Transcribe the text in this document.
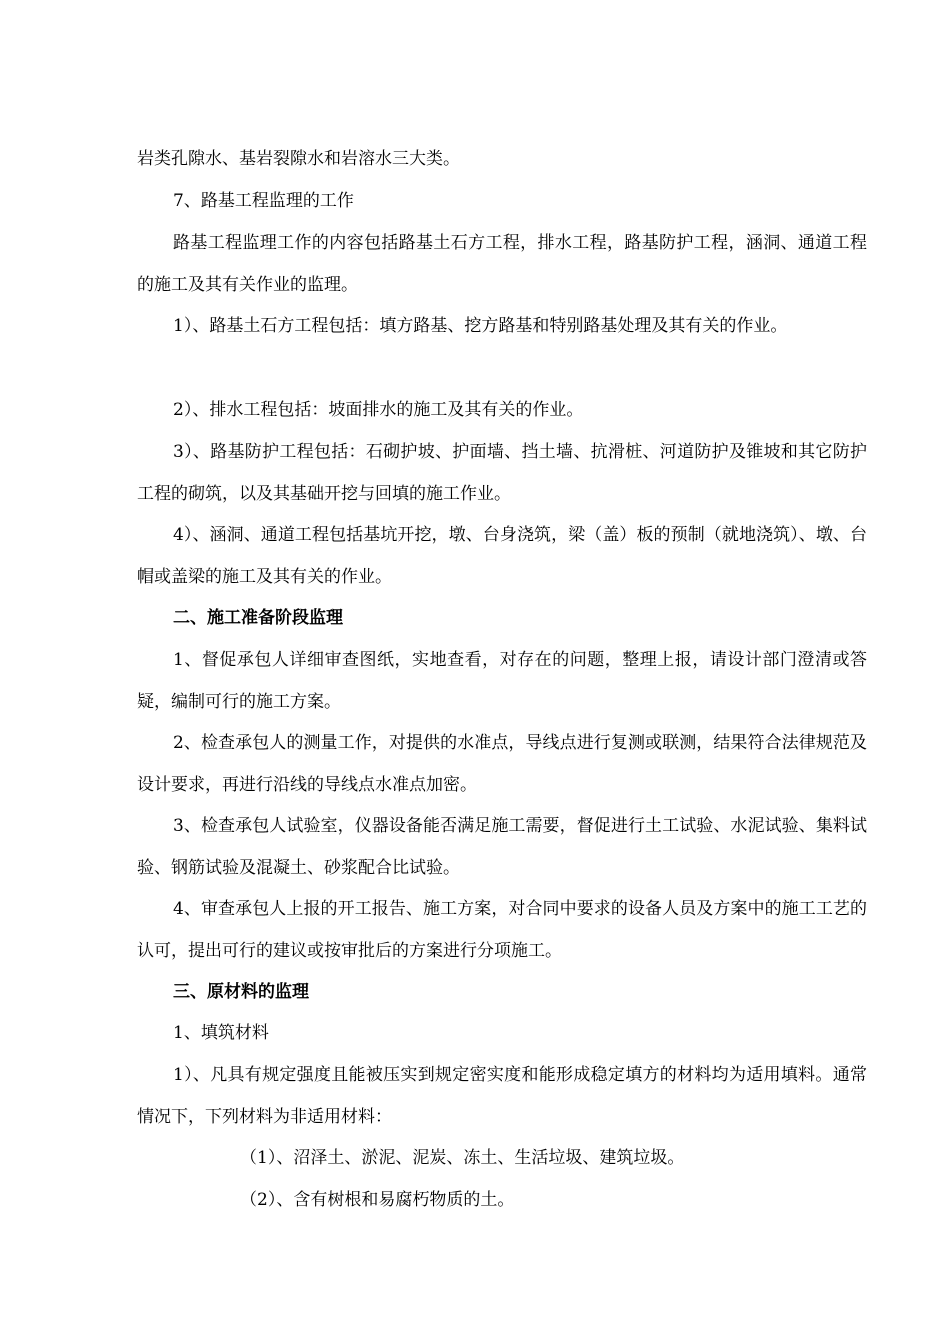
岩类孔隙水、基岩裂隙水和岩溶水三大类。
7、路基工程监理的工作
路基工程监理工作的内容包括路基土石方工程，排水工程，路基防护工程，涵洞、通道工程的施工及其有关作业的监理。
1）、路基土石方工程包括：填方路基、挖方路基和特别路基处理及其有关的作业。
2）、排水工程包括：坡面排水的施工及其有关的作业。
3）、路基防护工程包括：石砌护坡、护面墙、挡土墙、抗滑桩、河道防护及锥坡和其它防护工程的砌筑，以及其基础开挖与回填的施工作业。
4）、涵洞、通道工程包括基坑开挖，墩、台身浇筑，梁（盖）板的预制（就地浇筑）、墩、台帽或盖梁的施工及其有关的作业。
二、施工准备阶段监理
1、督促承包人详细审查图纸，实地查看，对存在的问题，整理上报，请设计部门澄清或答疑，编制可行的施工方案。
2、检查承包人的测量工作，对提供的水准点，导线点进行复测或联测，结果符合法律规范及设计要求，再进行沿线的导线点水准点加密。
3、检查承包人试验室，仪器设备能否满足施工需要，督促进行土工试验、水泥试验、集料试验、钢筋试验及混凝土、砂浆配合比试验。
4、审查承包人上报的开工报告、施工方案，对合同中要求的设备人员及方案中的施工工艺的认可，提出可行的建议或按审批后的方案进行分项施工。
三、原材料的监理
1、填筑材料
1）、凡具有规定强度且能被压实到规定密实度和能形成稳定填方的材料均为适用填料。通常情况下，下列材料为非适用材料：
（1）、沼泽土、淤泥、泥炭、冻土、生活垃圾、建筑垃圾。
（2）、含有树根和易腐朽物质的土。
